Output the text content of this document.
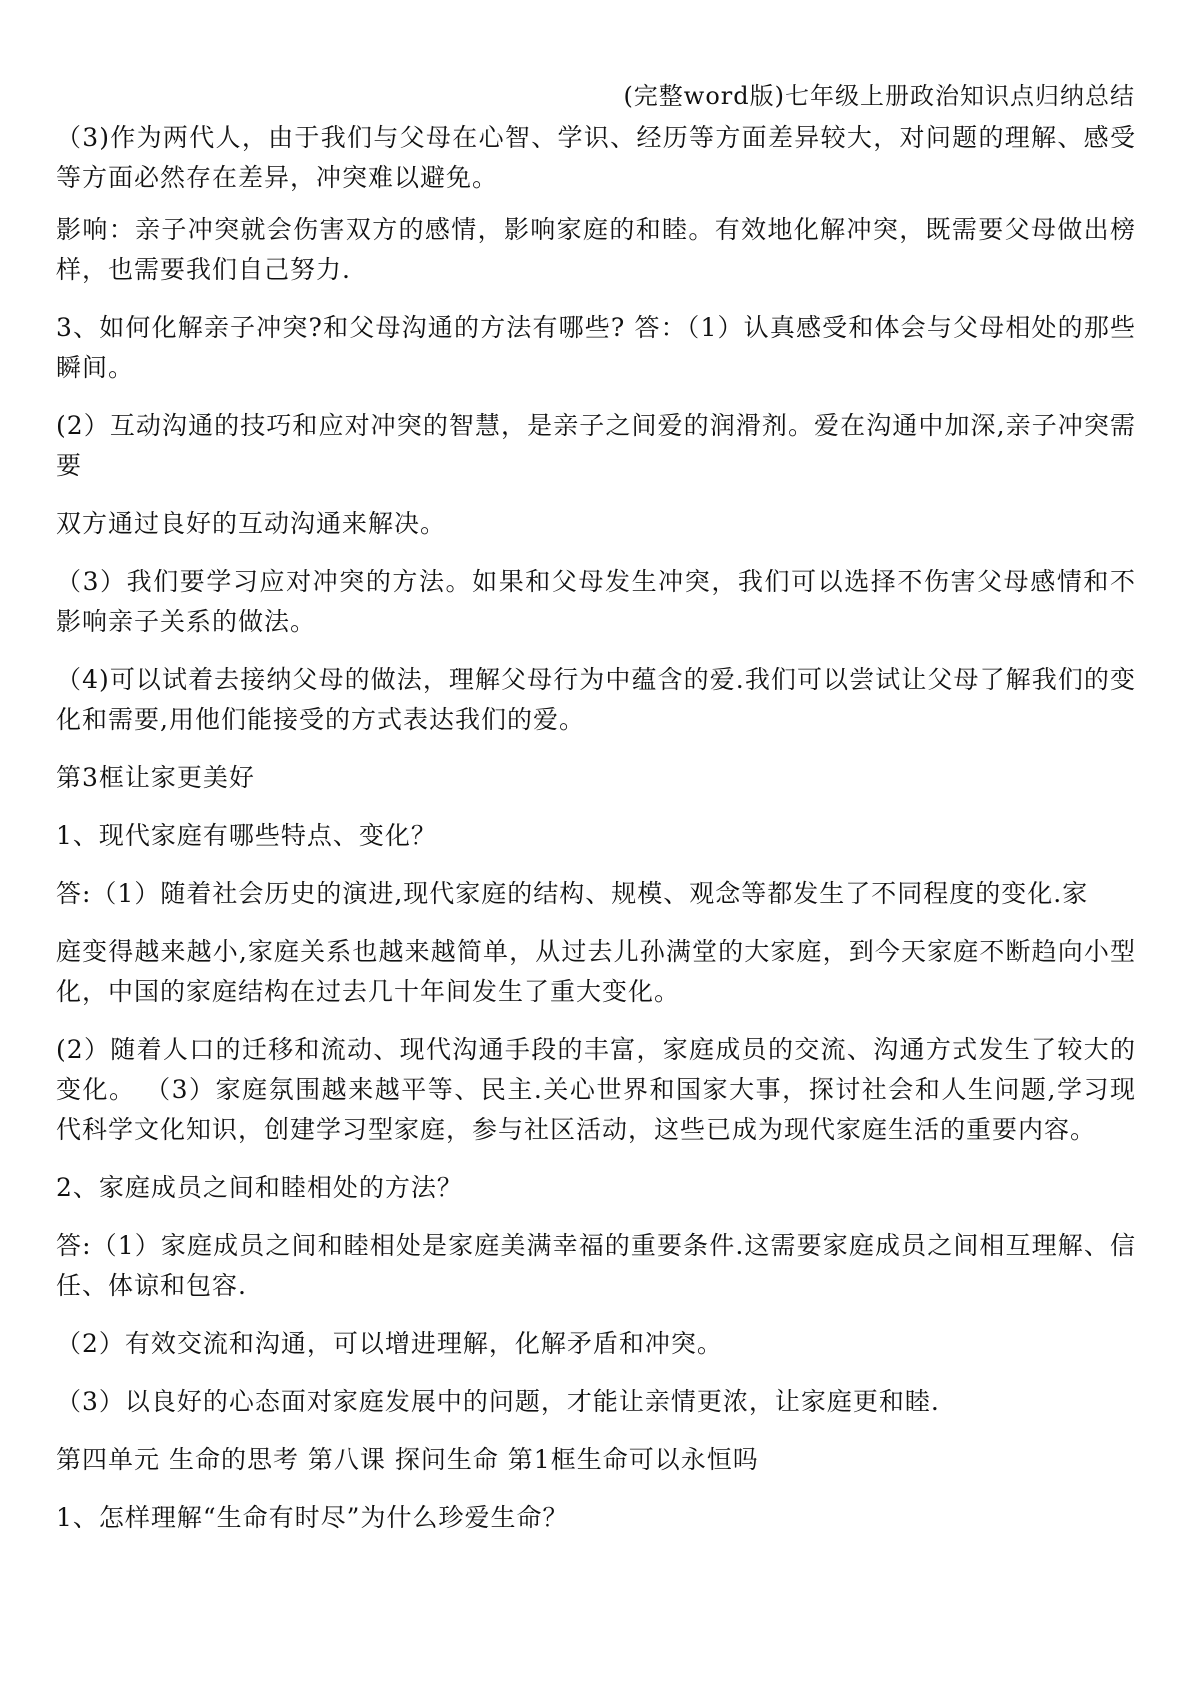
(完整word版)七年级上册政治知识点归纳总结

（3)作为两代人，由于我们与父母在心智、学识、经历等方面差异较大，对问题的理解、感受等方面必然存在差异，冲突难以避免。

影响：亲子冲突就会伤害双方的感情，影响家庭的和睦。有效地化解冲突，既需要父母做出榜样，也需要我们自己努力.

3、如何化解亲子冲突?和父母沟通的方法有哪些? 答：（1）认真感受和体会与父母相处的那些瞬间。

(2）互动沟通的技巧和应对冲突的智慧，是亲子之间爱的润滑剂。爱在沟通中加深,亲子冲突需要

双方通过良好的互动沟通来解决。

（3）我们要学习应对冲突的方法。如果和父母发生冲突，我们可以选择不伤害父母感情和不影响亲子关系的做法。

（4)可以试着去接纳父母的做法，理解父母行为中蕴含的爱.我们可以尝试让父母了解我们的变化和需要,用他们能接受的方式表达我们的爱。

第3框让家更美好

1、现代家庭有哪些特点、变化？

答:（1）随着社会历史的演进,现代家庭的结构、规模、观念等都发生了不同程度的变化.家

庭变得越来越小,家庭关系也越来越简单，从过去儿孙满堂的大家庭，到今天家庭不断趋向小型化，中国的家庭结构在过去几十年间发生了重大变化。

(2）随着人口的迁移和流动、现代沟通手段的丰富，家庭成员的交流、沟通方式发生了较大的变化。 （3）家庭氛围越来越平等、民主.关心世界和国家大事，探讨社会和人生问题,学习现代科学文化知识，创建学习型家庭，参与社区活动，这些已成为现代家庭生活的重要内容。

2、家庭成员之间和睦相处的方法？

答:（1）家庭成员之间和睦相处是家庭美满幸福的重要条件.这需要家庭成员之间相互理解、信任、体谅和包容.

（2）有效交流和沟通，可以增进理解，化解矛盾和冲突。

（3）以良好的心态面对家庭发展中的问题，才能让亲情更浓，让家庭更和睦.

第四单元 生命的思考 第八课 探问生命 第1框生命可以永恒吗

1、怎样理解“生命有时尽”为什么珍爱生命？
